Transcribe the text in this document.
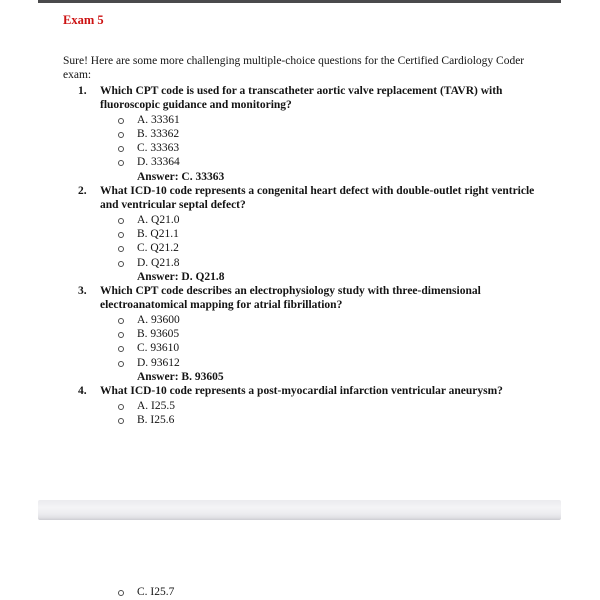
Exam 5

Sure! Here are some more challenging multiple-choice questions for the Certified Cardiology Coder exam:

1.	Which CPT code is used for a transcatheter aortic valve replacement (TAVR) with fluoroscopic guidance and monitoring?
A. 33361
B. 33362
C. 33363
D. 33364
Answer: C. 33363
2.	What ICD-10 code represents a congenital heart defect with double-outlet right ventricle and ventricular septal defect?
A. Q21.0
B. Q21.1
C. Q21.2
D. Q21.8
Answer: D. Q21.8
3.	Which CPT code describes an electrophysiology study with three-dimensional electroanatomical mapping for atrial fibrillation?
A. 93600
B. 93605
C. 93610
D. 93612
Answer: B. 93605
4.	What ICD-10 code represents a post-myocardial infarction ventricular aneurysm?
A. I25.5
B. I25.6
C. I25.7
